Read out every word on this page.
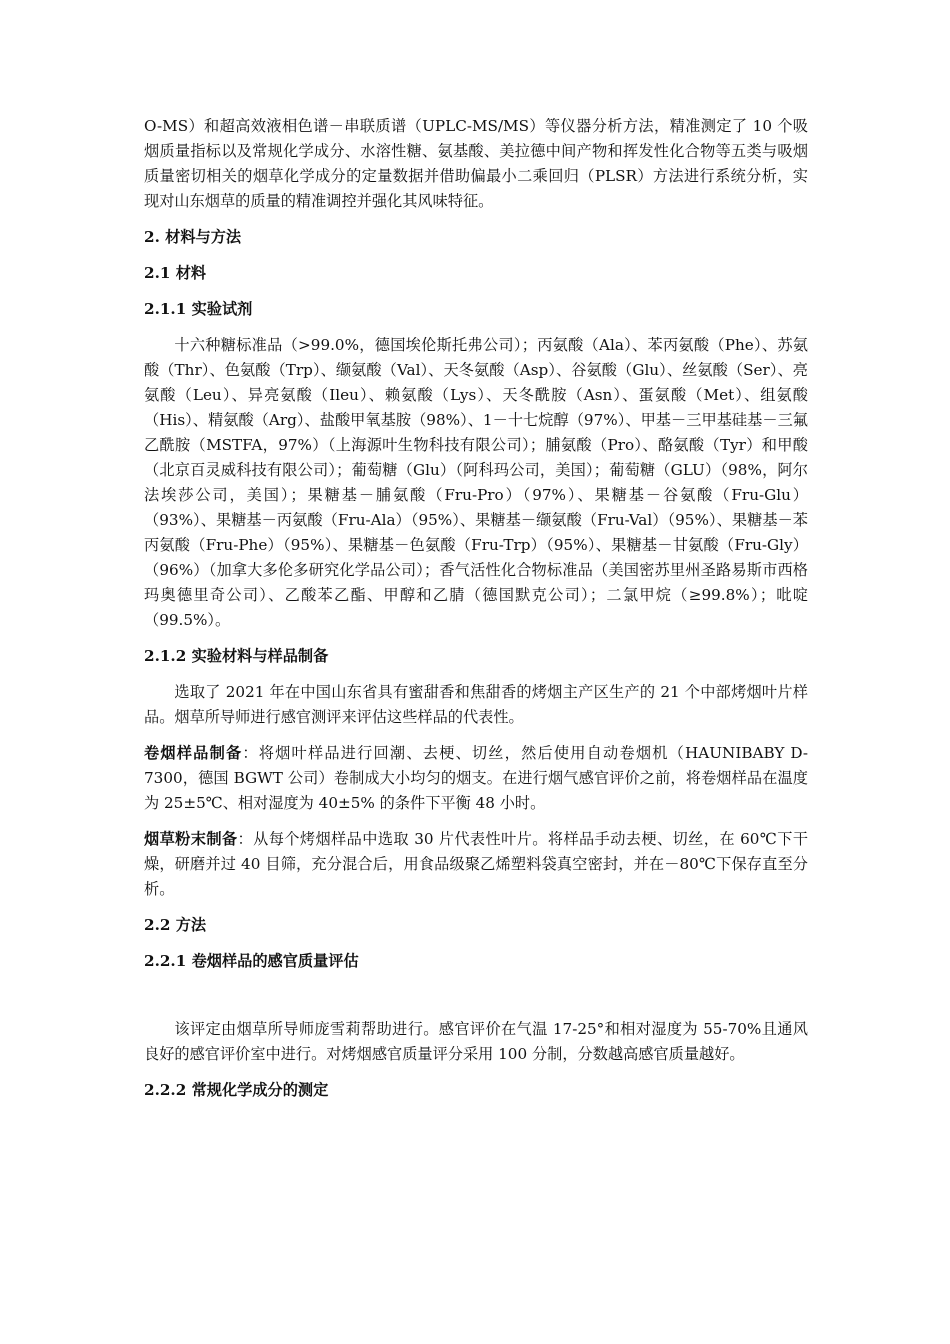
O-MS）和超高效液相色谱－串联质谱（UPLC-MS/MS）等仪器分析方法，精准测定了 10 个吸烟质量指标以及常规化学成分、水溶性糖、氨基酸、美拉德中间产物和挥发性化合物等五类与吸烟质量密切相关的烟草化学成分的定量数据并借助偏最小二乘回归（PLSR）方法进行系统分析，实现对山东烟草的质量的精准调控并强化其风味特征。

2. 材料与方法
2.1 材料
2.1.1 实验试剂

十六种糖标准品（>99.0%，德国埃伦斯托弗公司）；丙氨酸（Ala）、苯丙氨酸（Phe）、苏氨酸（Thr）、色氨酸（Trp）、缬氨酸（Val）、天冬氨酸（Asp）、谷氨酸（Glu）、丝氨酸（Ser）、亮氨酸（Leu）、异亮氨酸（Ileu）、赖氨酸（Lys）、天冬酰胺（Asn）、蛋氨酸（Met）、组氨酸（His）、精氨酸（Arg）、盐酸甲氧基胺（98%）、1－十七烷醇（97%）、甲基－三甲基硅基－三氟乙酰胺（MSTFA，97%）（上海源叶生物科技有限公司）；脯氨酸（Pro）、酪氨酸（Tyr）和甲酸（北京百灵威科技有限公司）；葡萄糖（Glu）（阿科玛公司，美国）；葡萄糖（GLU）（98%，阿尔法埃莎公司，美国）；果糖基－脯氨酸（Fru-Pro）（97%）、果糖基－谷氨酸（Fru-Glu）（93%）、果糖基－丙氨酸（Fru-Ala）（95%）、果糖基－缬氨酸（Fru-Val）（95%）、果糖基－苯丙氨酸（Fru-Phe）（95%）、果糖基－色氨酸（Fru-Trp）（95%）、果糖基－甘氨酸（Fru-Gly）（96%）（加拿大多伦多研究化学品公司）；香气活性化合物标准品（美国密苏里州圣路易斯市西格玛奥德里奇公司）、乙酸苯乙酯、甲醇和乙腈（德国默克公司）；二氯甲烷（≥99.8%）；吡啶（99.5%）。

2.1.2 实验材料与样品制备

选取了 2021 年在中国山东省具有蜜甜香和焦甜香的烤烟主产区生产的 21 个中部烤烟叶片样品。烟草所导师进行感官测评来评估这些样品的代表性。

卷烟样品制备：将烟叶样品进行回潮、去梗、切丝，然后使用自动卷烟机（HAUNIBABY D-7300，德国 BGWT 公司）卷制成大小均匀的烟支。在进行烟气感官评价之前，将卷烟样品在温度为 25±5℃、相对湿度为 40±5% 的条件下平衡 48 小时。

烟草粉末制备：从每个烤烟样品中选取 30 片代表性叶片。将样品手动去梗、切丝，在 60℃下干燥，研磨并过 40 目筛，充分混合后，用食品级聚乙烯塑料袋真空密封，并在－80℃下保存直至分析。

2.2 方法
2.2.1 卷烟样品的感官质量评估

该评定由烟草所导师庞雪莉帮助进行。感官评价在气温 17-25°和相对湿度为 55-70%且通风良好的感官评价室中进行。对烤烟感官质量评分采用 100 分制，分数越高感官质量越好。

2.2.2 常规化学成分的测定
